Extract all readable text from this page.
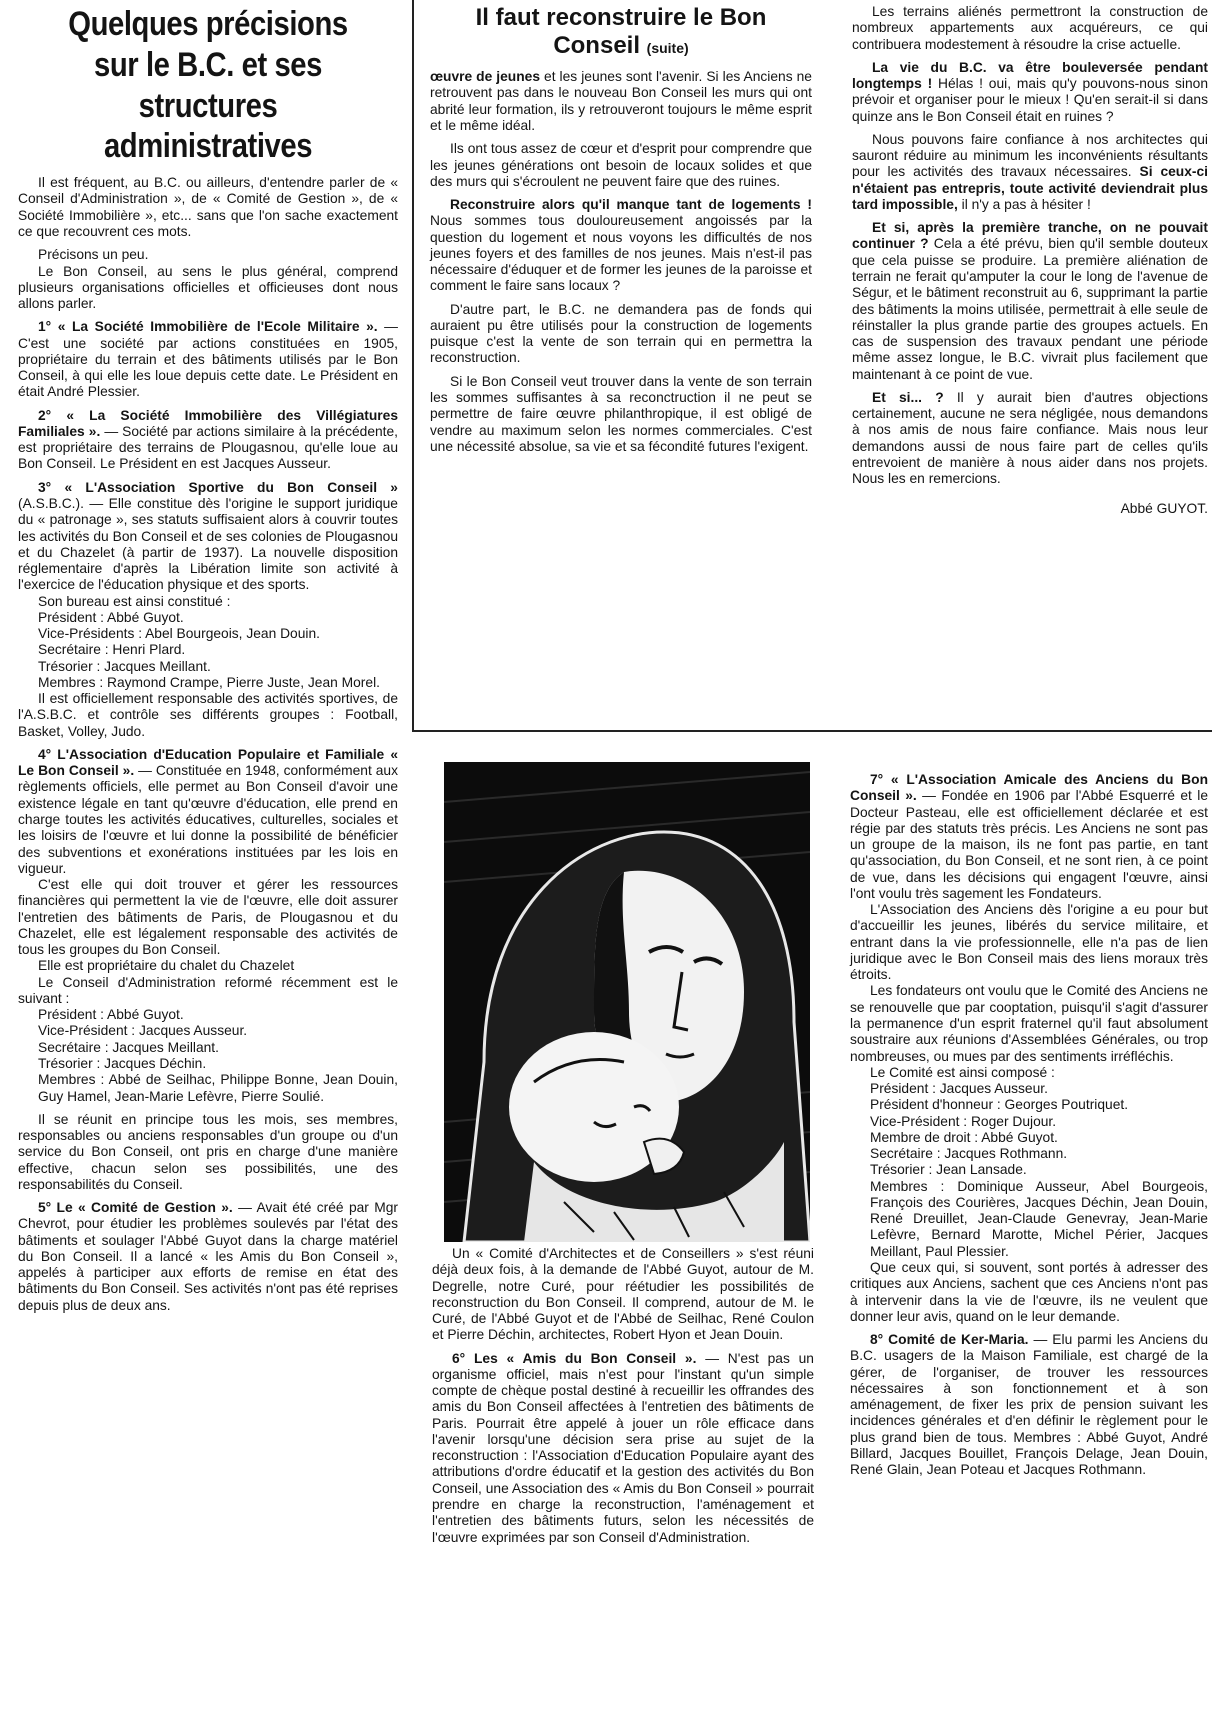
Quelques précisions sur le B.C. et ses structures administratives

Il est fréquent, au B.C. ou ailleurs, d'entendre parler de « Conseil d'Administration », de « Comité de Gestion », de « Société Immobilière », etc... sans que l'on sache exactement ce que recouvrent ces mots.

Précisons un peu.

Le Bon Conseil, au sens le plus général, comprend plusieurs organisations officielles et officieuses dont nous allons parler.

1° « La Société Immobilière de l'Ecole Militaire ». — C'est une société par actions constituées en 1905, propriétaire du terrain et des bâtiments utilisés par le Bon Conseil, à qui elle les loue depuis cette date. Le Président en était André Plessier.

2° « La Société Immobilière des Villégiatures Familiales ». — Société par actions similaire à la précédente, est propriétaire des terrains de Plougasnou, qu'elle loue au Bon Conseil. Le Président en est Jacques Ausseur.

3° « L'Association Sportive du Bon Conseil » (A.S.B.C.). — Elle constitue dès l'origine le support juridique du « patronage », ses statuts suffisaient alors à couvrir toutes les activités du Bon Conseil et de ses colonies de Plougasnou et du Chazelet (à partir de 1937). La nouvelle disposition réglementaire d'après la Libération limite son activité à l'exercice de l'éducation physique et des sports.

Son bureau est ainsi constitué :

Président : Abbé Guyot.

Vice-Présidents : Abel Bourgeois, Jean Douin.

Secrétaire : Henri Plard.

Trésorier : Jacques Meillant.

Membres : Raymond Crampe, Pierre Juste, Jean Morel.

Il est officiellement responsable des activités sportives, de l'A.S.B.C. et contrôle ses différents groupes : Football, Basket, Volley, Judo.

4° L'Association d'Education Populaire et Familiale « Le Bon Conseil ». — Constituée en 1948, conformément aux règlements officiels, elle permet au Bon Conseil d'avoir une existence légale en tant qu'œuvre d'éducation, elle prend en charge toutes les activités éducatives, culturelles, sociales et les loisirs de l'œuvre et lui donne la possibilité de bénéficier des subventions et exonérations instituées par les lois en vigueur.

C'est elle qui doit trouver et gérer les ressources financières qui permettent la vie de l'œuvre, elle doit assurer l'entretien des bâtiments de Paris, de Plougasnou et du Chazelet, elle est légalement responsable des activités de tous les groupes du Bon Conseil.

Elle est propriétaire du chalet du Chazelet

Le Conseil d'Administration reformé récemment est le suivant :

Président : Abbé Guyot.

Vice-Président : Jacques Ausseur.

Secrétaire : Jacques Meillant.

Trésorier : Jacques Déchin.

Membres : Abbé de Seilhac, Philippe Bonne, Jean Douin, Guy Hamel, Jean-Marie Lefèvre, Pierre Soulié.

Il se réunit en principe tous les mois, ses membres, responsables ou anciens responsables d'un groupe ou d'un service du Bon Conseil, ont pris en charge d'une manière effective, chacun selon ses possibilités, une des responsabilités du Conseil.

5° Le « Comité de Gestion ». — Avait été créé par Mgr Chevrot, pour étudier les problèmes soulevés par l'état des bâtiments et soulager l'Abbé Guyot dans la charge matériel du Bon Conseil. Il a lancé « les Amis du Bon Conseil », appelés à participer aux efforts de remise en état des bâtiments du Bon Conseil. Ses activités n'ont pas été reprises depuis plus de deux ans.

Il faut reconstruire le Bon Conseil (suite)

œuvre de jeunes et les jeunes sont l'avenir. Si les Anciens ne retrouvent pas dans le nouveau Bon Conseil les murs qui ont abrité leur formation, ils y retrouveront toujours le même esprit et le même idéal.

Ils ont tous assez de cœur et d'esprit pour comprendre que les jeunes générations ont besoin de locaux solides et que des murs qui s'écroulent ne peuvent faire que des ruines.

Reconstruire alors qu'il manque tant de logements ! Nous sommes tous douloureusement angoissés par la question du logement et nous voyons les difficultés de nos jeunes foyers et des familles de nos jeunes. Mais n'est-il pas nécessaire d'éduquer et de former les jeunes de la paroisse et comment le faire sans locaux ?

D'autre part, le B.C. ne demandera pas de fonds qui auraient pu être utilisés pour la construction de logements puisque c'est la vente de son terrain qui en permettra la reconstruction.

Si le Bon Conseil veut trouver dans la vente de son terrain les sommes suffisantes à sa reconctruction il ne peut se permettre de faire œuvre philanthropique, il est obligé de vendre au maximum selon les normes commerciales. C'est une nécessité absolue, sa vie et sa fécondité futures l'exigent.

Les terrains aliénés permettront la construction de nombreux appartements aux acquéreurs, ce qui contribuera modestement à résoudre la crise actuelle.

La vie du B.C. va être bouleversée pendant longtemps ! Hélas ! oui, mais qu'y pouvons-nous sinon prévoir et organiser pour le mieux ! Qu'en serait-il si dans quinze ans le Bon Conseil était en ruines ?

Nous pouvons faire confiance à nos architectes qui sauront réduire au minimum les inconvénients résultants pour les activités des travaux nécessaires. Si ceux-ci n'étaient pas entrepris, toute activité deviendrait plus tard impossible, il n'y a pas à hésiter !

Et si, après la première tranche, on ne pouvait continuer ? Cela a été prévu, bien qu'il semble douteux que cela puisse se produire. La première aliénation de terrain ne ferait qu'amputer la cour le long de l'avenue de Ségur, et le bâtiment reconstruit au 6, supprimant la partie des bâtiments la moins utilisée, permettrait à elle seule de réinstaller la plus grande partie des groupes actuels. En cas de suspension des travaux pendant une période même assez longue, le B.C. vivrait plus facilement que maintenant à ce point de vue.

Et si... ? Il y aurait bien d'autres objections certainement, aucune ne sera négligée, nous demandons à nos amis de nous faire confiance. Mais nous leur demandons aussi de nous faire part de celles qu'ils entrevoient de manière à nous aider dans nos projets. Nous les en remercions.

Abbé GUYOT.

Un « Comité d'Architectes et de Conseillers » s'est réuni déjà deux fois, à la demande de l'Abbé Guyot, autour de M. Degrelle, notre Curé, pour réétudier les possibilités de reconstruction du Bon Conseil. Il comprend, autour de M. le Curé, de l'Abbé Guyot et de l'Abbé de Seilhac, René Coulon et Pierre Déchin, architectes, Robert Hyon et Jean Douin.

6° Les « Amis du Bon Conseil ». — N'est pas un organisme officiel, mais n'est pour l'instant qu'un simple compte de chèque postal destiné à recueillir les offrandes des amis du Bon Conseil affectées à l'entretien des bâtiments de Paris. Pourrait être appelé à jouer un rôle efficace dans l'avenir lorsqu'une décision sera prise au sujet de la reconstruction : l'Association d'Education Populaire ayant des attributions d'ordre éducatif et la gestion des activités du Bon Conseil, une Association des « Amis du Bon Conseil » pourrait prendre en charge la reconstruction, l'aménagement et l'entretien des bâtiments futurs, selon les nécessités de l'œuvre exprimées par son Conseil d'Administration.

7° « L'Association Amicale des Anciens du Bon Conseil ». — Fondée en 1906 par l'Abbé Esquerré et le Docteur Pasteau, elle est officiellement déclarée et est régie par des statuts très précis. Les Anciens ne sont pas un groupe de la maison, ils ne font pas partie, en tant qu'association, du Bon Conseil, et ne sont rien, à ce point de vue, dans les décisions qui engagent l'œuvre, ainsi l'ont voulu très sagement les Fondateurs.

L'Association des Anciens dès l'origine a eu pour but d'accueillir les jeunes, libérés du service militaire, et entrant dans la vie professionnelle, elle n'a pas de lien juridique avec le Bon Conseil mais des liens moraux très étroits.

Les fondateurs ont voulu que le Comité des Anciens ne se renouvelle que par cooptation, puisqu'il s'agit d'assurer la permanence d'un esprit fraternel qu'il faut absolument soustraire aux réunions d'Assemblées Générales, ou trop nombreuses, ou mues par des sentiments irréfléchis.

Le Comité est ainsi composé :

Président : Jacques Ausseur.

Président d'honneur : Georges Poutriquet.

Vice-Président : Roger Dujour.

Membre de droit : Abbé Guyot.

Secrétaire : Jacques Rothmann.

Trésorier : Jean Lansade.

Membres : Dominique Ausseur, Abel Bourgeois, François des Courières, Jacques Déchin, Jean Douin, René Dreuillet, Jean-Claude Genevray, Jean-Marie Lefèvre, Bernard Marotte, Michel Périer, Jacques Meillant, Paul Plessier.

Que ceux qui, si souvent, sont portés à adresser des critiques aux Anciens, sachent que ces Anciens n'ont pas à intervenir dans la vie de l'œuvre, ils ne veulent que donner leur avis, quand on le leur demande.

8° Comité de Ker-Maria. — Elu parmi les Anciens du B.C. usagers de la Maison Familiale, est chargé de la gérer, de l'organiser, de trouver les ressources nécessaires à son fonctionnement et à son aménagement, de fixer les prix de pension suivant les incidences générales et d'en définir le règlement pour le plus grand bien de tous. Membres : Abbé Guyot, André Billard, Jacques Bouillet, François Delage, Jean Douin, René Glain, Jean Poteau et Jacques Rothmann.
